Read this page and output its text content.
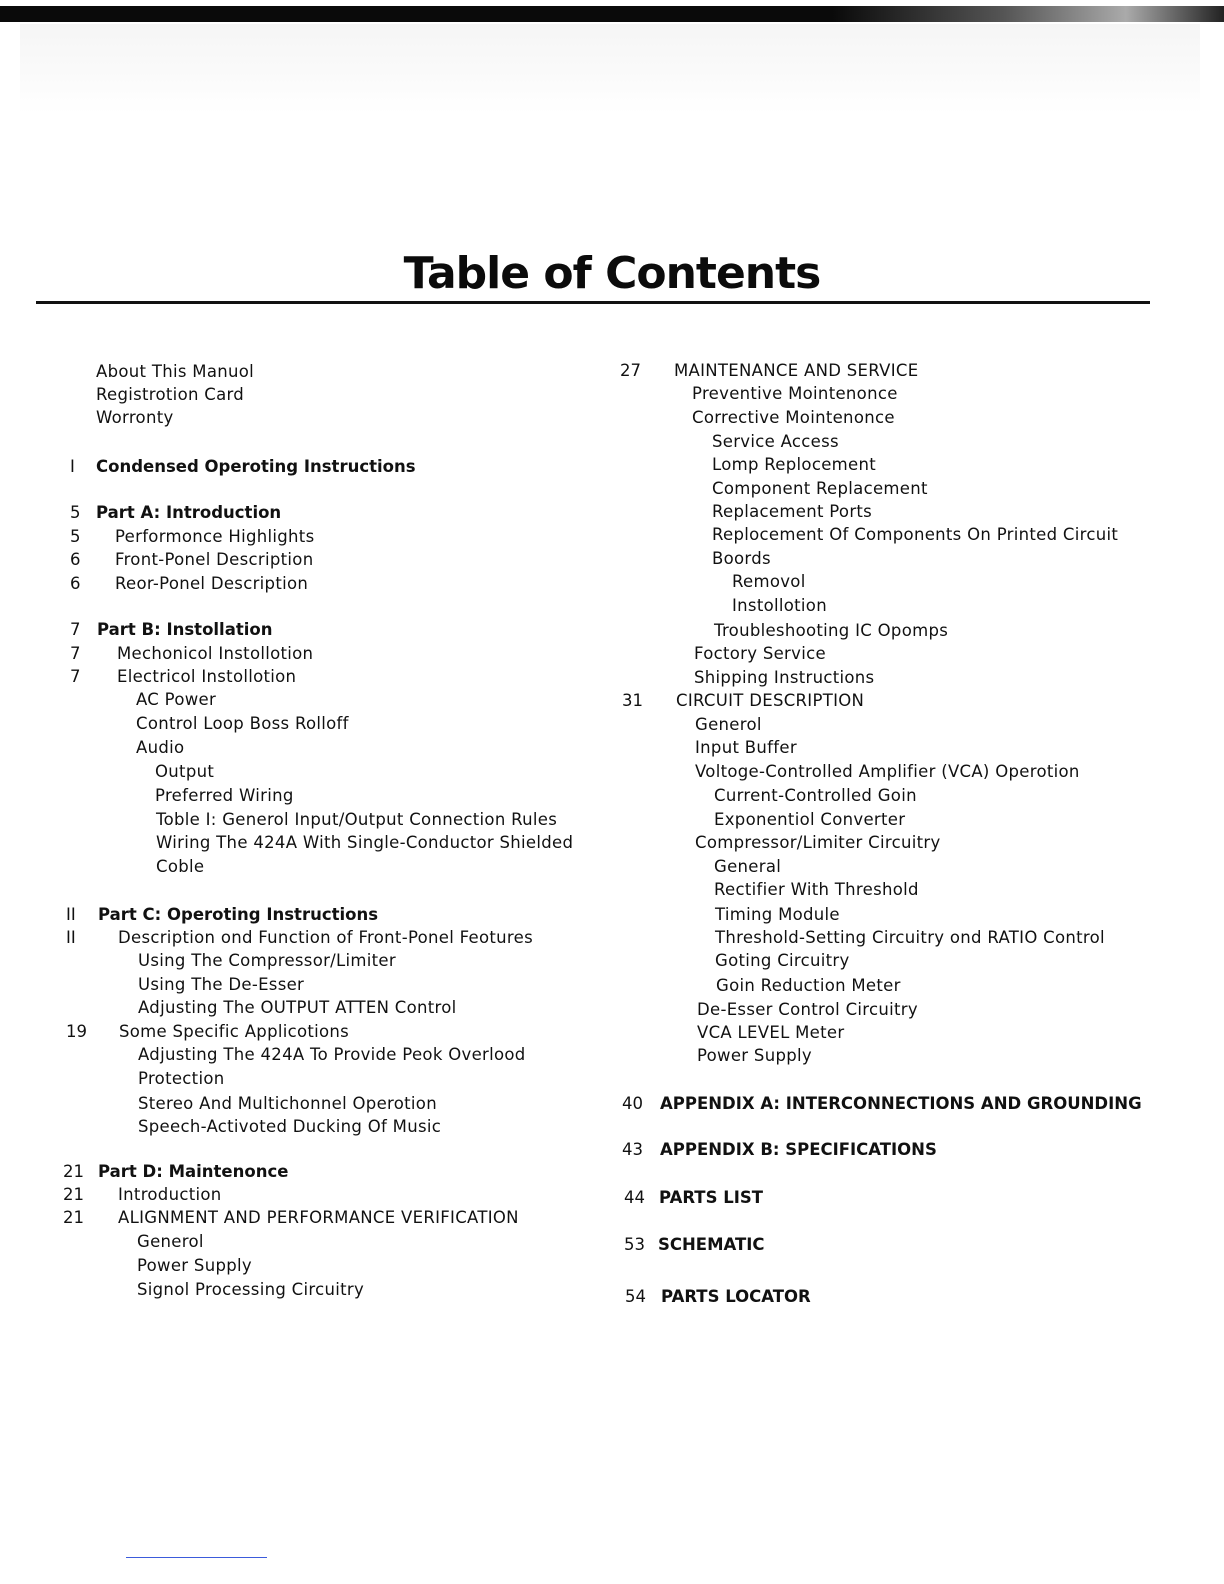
Table of Contents
About This Manuol
Registrotion Card
Worronty
I Condensed Operoting Instructions
5 Part A: Introduction
5 Performonce Highlights
6 Front-Ponel Description
6 Reor-Ponel Description
7 Part B: Instollation
7 Mechonicol Instollotion
7 Electricol Instollotion
AC Power
Control Loop Boss Rolloff
Audio
Output
Preferred Wiring
Toble I: Generol Input/Output Connection Rules
Wiring The 424A With Single-Conductor Shielded
Coble
II Part C: Operoting Instructions
II	Description ond Function of Front-Ponel Feotures
Using The Compressor/Limiter
Using The De-Esser
Adjusting The OUTPUT ATTEN Control
19 Some Specific Applicotions
Adjusting The 424A To Provide Peok Overlood
Protection
Stereo And Multichonnel Operotion
Speech-Activoted Ducking Of Music
21 Part D: Maintenonce
21 Introduction
21 ALIGNMENT AND PERFORMANCE VERIFICATION
Generol
Power Supply
Signol Processing Circuitry
27 MAINTENANCE AND SERVICE
Preventive Mointenonce
Corrective Mointenonce
Service Access
Lomp Replocement
Component Replacement
Replacement Ports
Replocement Of Components On Printed Circuit
Boords
Removol
Instollotion
Troubleshooting IC Opomps
Foctory Service
Shipping Instructions
31 CIRCUIT DESCRIPTION
Generol
Input Buffer
Voltoge-Controlled Amplifier (VCA) Operotion
Current-Controlled Goin
Exponentiol Converter
Compressor/Limiter Circuitry
General
Rectifier With Threshold
Timing Module
Threshold-Setting Circuitry ond RATIO Control
Goting Circuitry
Goin Reduction Meter
De-Esser Control Circuitry
VCA LEVEL Meter
Power Supply
40 APPENDIX A: INTERCONNECTIONS AND GROUNDING
43 APPENDIX B: SPECIFICATIONS
44 PARTS LIST
53 SCHEMATIC
54 PARTS LOCATOR
